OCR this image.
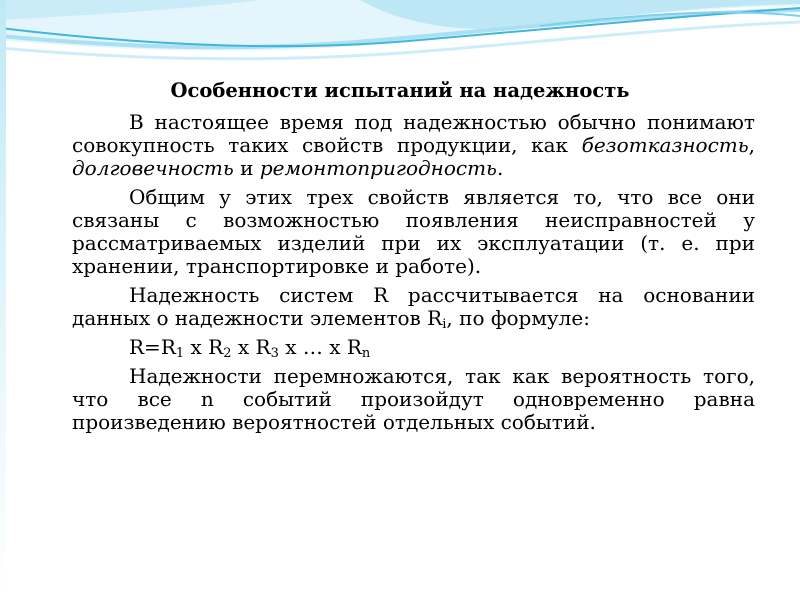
Особенности испытаний на надежность

В настоящее время под надежностью обычно понимают совокупность таких свойств продукции, как безотказность, долговечность и ремонтопригодность.

Общим у этих трех свойств является то, что все они связаны с возможностью появления неисправностей у рассматриваемых изделий при их эксплуатации (т. е. при хранении, транспортировке и работе).

Надежность систем R рассчитывается на основании данных о надежности элементов $R_i$, по формуле:

$R=R_1$ x $R_2$ x $R_3$ x … x $R_n$

Надежности перемножаются, так как вероятность того, что все n событий произойдут одновременно равна произведению вероятностей отдельных событий.
